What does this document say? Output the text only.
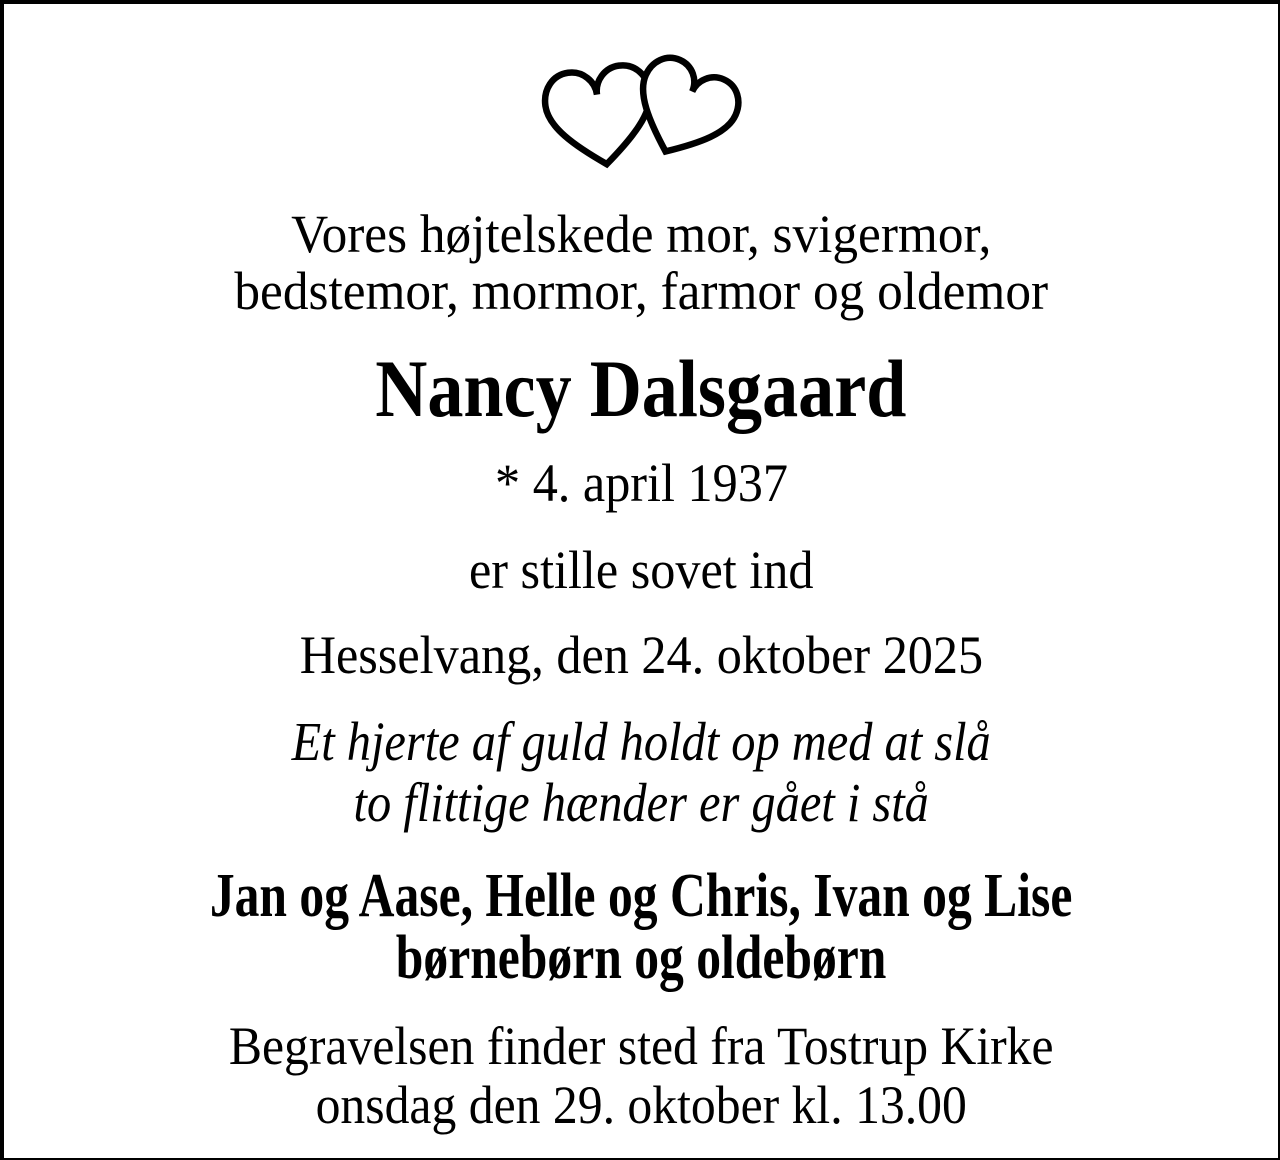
Vores højtelskede mor, svigermor,
bedstemor, mormor, farmor og oldemor

Nancy Dalsgaard

* 4. april 1937

er stille sovet ind

Hesselvang, den 24. oktober 2025

Et hjerte af guld holdt op med at slå
to flittige hænder er gået i stå

Jan og Aase, Helle og Chris, Ivan og Lise
børnebørn og oldebørn

Begravelsen finder sted fra Tostrup Kirke
onsdag den 29. oktober kl. 13.00
